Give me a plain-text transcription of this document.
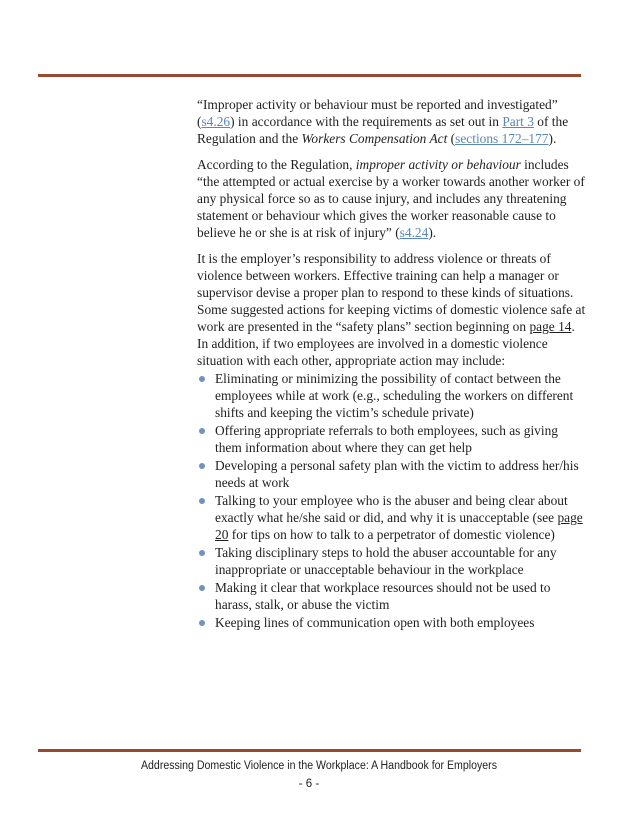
“Improper activity or behaviour must be reported and investigated” (s4.26) in accordance with the requirements as set out in Part 3 of the Regulation and the Workers Compensation Act (sections 172–177).

According to the Regulation, improper activity or behaviour includes “the attempted or actual exercise by a worker towards another worker of any physical force so as to cause injury, and includes any threatening statement or behaviour which gives the worker reasonable cause to believe he or she is at risk of injury” (s4.24).

It is the employer’s responsibility to address violence or threats of violence between workers. Effective training can help a manager or supervisor devise a proper plan to respond to these kinds of situations. Some suggested actions for keeping victims of domestic violence safe at work are presented in the “safety plans” section beginning on page 14. In addition, if two employees are involved in a domestic violence situation with each other, appropriate action may include:

Eliminating or minimizing the possibility of contact between the employees while at work (e.g., scheduling the workers on different shifts and keeping the victim’s schedule private)
Offering appropriate referrals to both employees, such as giving them information about where they can get help
Developing a personal safety plan with the victim to address her/his needs at work
Talking to your employee who is the abuser and being clear about exactly what he/she said or did, and why it is unacceptable (see page 20 for tips on how to talk to a perpetrator of domestic violence)
Taking disciplinary steps to hold the abuser accountable for any inappropriate or unacceptable behaviour in the workplace
Making it clear that workplace resources should not be used to harass, stalk, or abuse the victim
Keeping lines of communication open with both employees
Addressing Domestic Violence in the Workplace: A Handbook for Employers
- 6 -
